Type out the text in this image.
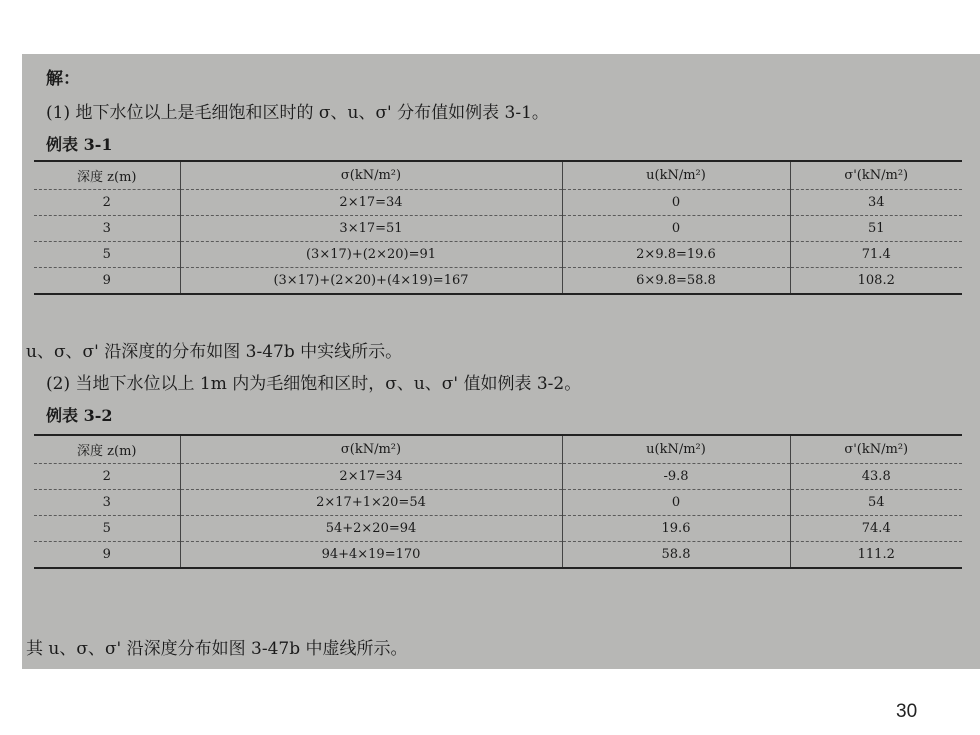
解：
(1) 地下水位以上是毛细饱和区时的 σ、u、σ' 分布值如例表 3-1。
例表 3-1
深度 z(m)	σ(kN/m²)	u(kN/m²)	σ'(kN/m²)
2	2×17=34	0	34
3	3×17=51	0	51
5	(3×17)+(2×20)=91	2×9.8=19.6	71.4
9	(3×17)+(2×20)+(4×19)=167	6×9.8=58.8	108.2
u、σ、σ' 沿深度的分布如图 3-47b 中实线所示。
(2) 当地下水位以上 1m 内为毛细饱和区时，σ、u、σ' 值如例表 3-2。
例表 3-2
深度 z(m)	σ(kN/m²)	u(kN/m²)	σ'(kN/m²)
2	2×17=34	-9.8	43.8
3	2×17+1×20=54	0	54
5	54+2×20=94	19.6	74.4
9	94+4×19=170	58.8	111.2
其 u、σ、σ' 沿深度分布如图 3-47b 中虚线所示。
30
